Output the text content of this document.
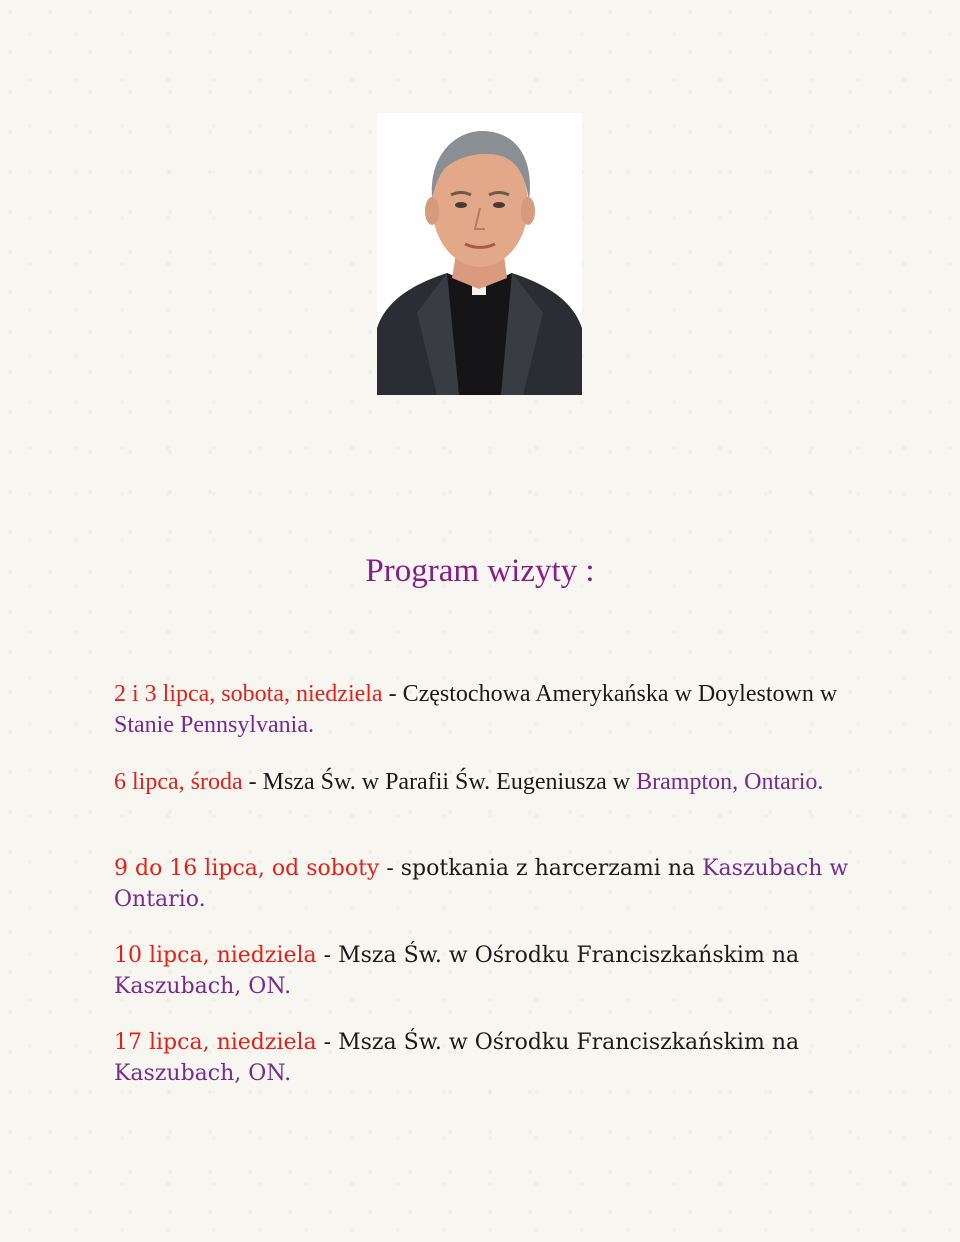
Program wizyty :

2 i 3 lipca, sobota, niedziela - Częstochowa Amerykańska w Doylestown w Stanie Pennsylvania.

6 lipca, środa - Msza Św. w Parafii Św. Eugeniusza w Brampton, Ontario.

9 do 16 lipca, od soboty - spotkania z harcerzami na Kaszubach w Ontario.

10 lipca, niedziela - Msza Św. w Ośrodku Franciszkańskim na Kaszubach, ON.

17 lipca, niedziela - Msza Św. w Ośrodku Franciszkańskim na Kaszubach, ON.
